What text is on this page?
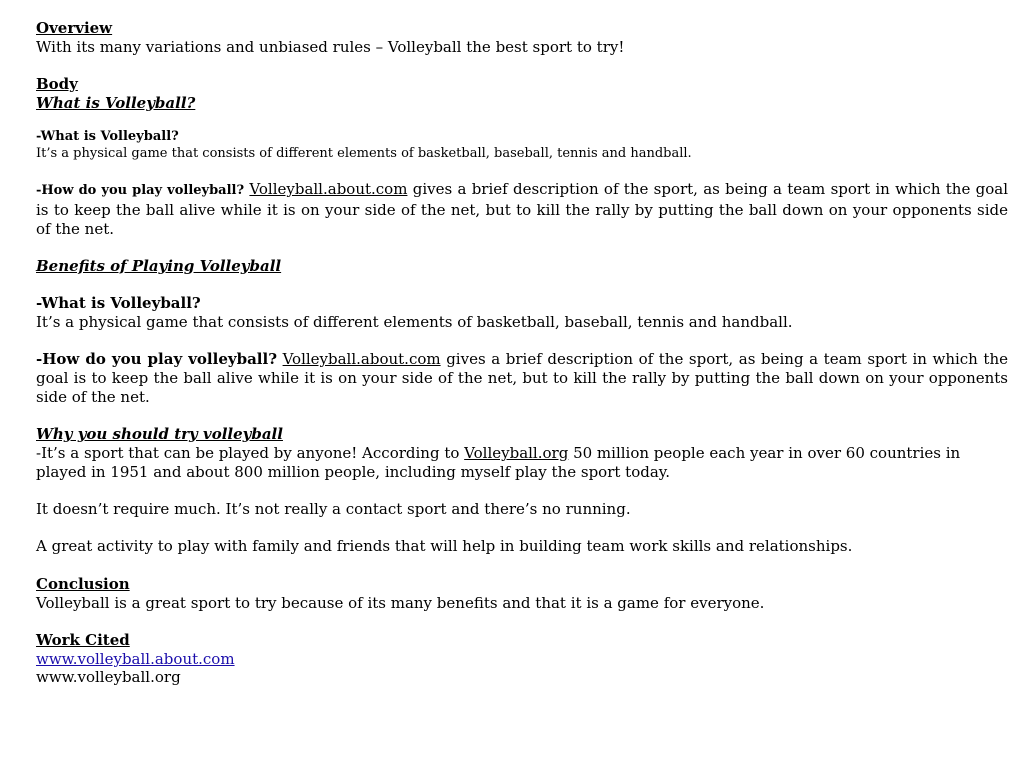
Overview
With its many variations and unbiased rules – Volleyball the best sport to try!
Body
What is Volleyball?
-What is Volleyball?
It’s a physical game that consists of different elements of basketball, baseball, tennis and handball.
-How do you play volleyball? Volleyball.about.com gives a brief description of the sport, as being a team sport in which the goal is to keep the ball alive while it is on your side of the net, but to kill the rally by putting the ball down on your opponents side of the net.
Benefits of Playing Volleyball
-What is Volleyball?
It’s a physical game that consists of different elements of basketball, baseball, tennis and handball.
-How do you play volleyball? Volleyball.about.com gives a brief description of the sport, as being a team sport in which the goal is to keep the ball alive while it is on your side of the net, but to kill the rally by putting the ball down on your opponents side of the net.
Why you should try volleyball
-It’s a sport that can be played by anyone! According to Volleyball.org 50 million people each year in over 60 countries in played in 1951 and about 800 million people, including myself play the sport today.
It doesn’t require much. It’s not really a contact sport and there’s no running.
A great activity to play with family and friends that will help in building team work skills and relationships.
Conclusion
Volleyball is a great sport to try because of its many benefits and that it is a game for everyone.
Work Cited
www.volleyball.about.com
www.volleyball.org
